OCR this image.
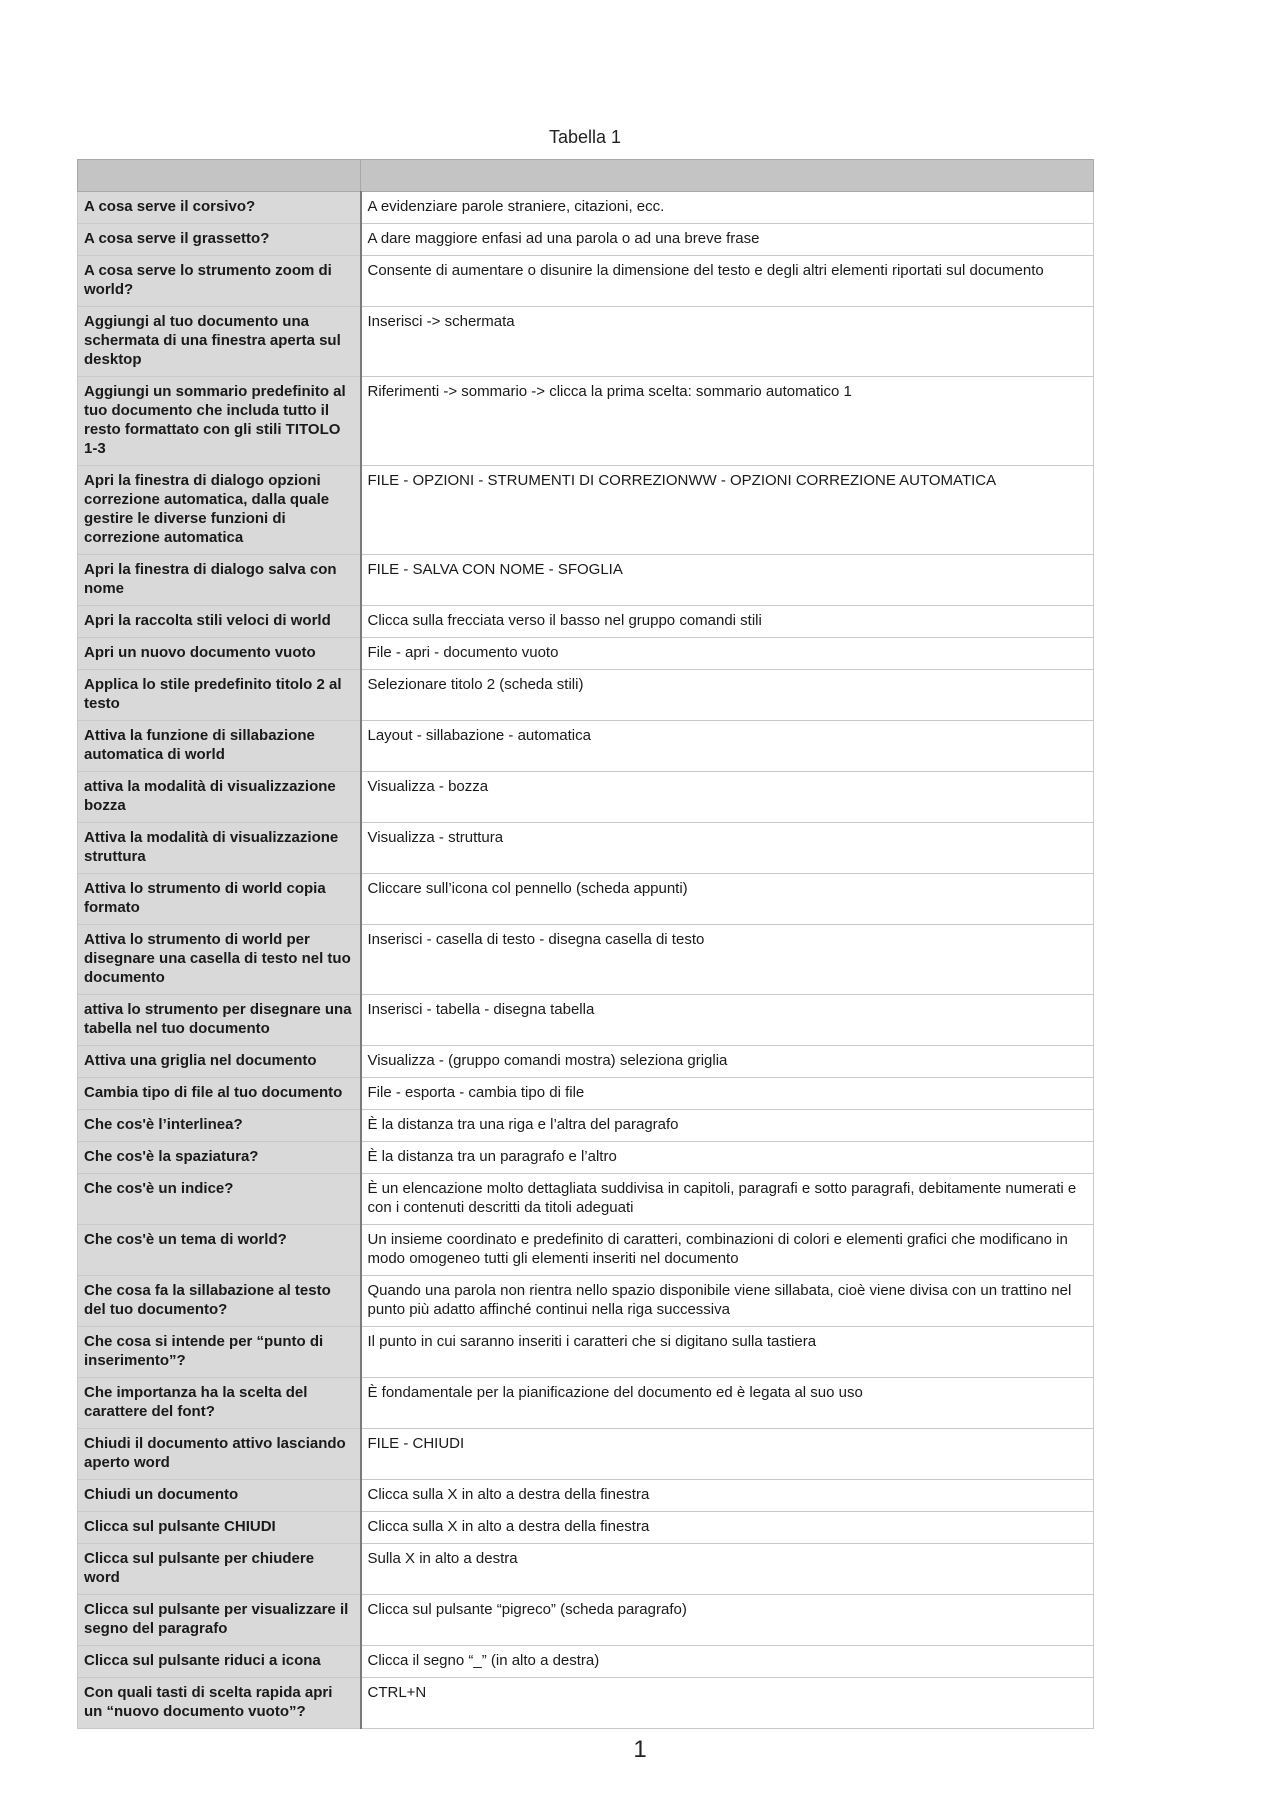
Tabella 1

A cosa serve il corsivo?	A evidenziare parole straniere, citazioni, ecc.
A cosa serve il grassetto?	A dare maggiore enfasi ad una parola o ad una breve frase
A cosa serve lo strumento zoom di world?	Consente di aumentare o disunire la dimensione del testo e degli altri elementi riportati sul documento
Aggiungi al tuo documento una schermata di una finestra aperta sul desktop	Inserisci -> schermata
Aggiungi un sommario predefinito al tuo documento che includa tutto il resto formattato con gli stili TITOLO 1-3	Riferimenti -> sommario -> clicca la prima scelta: sommario automatico 1
Apri la finestra di dialogo opzioni correzione automatica, dalla quale gestire le diverse funzioni di correzione automatica	FILE - OPZIONI - STRUMENTI DI CORREZIONWW - OPZIONI CORREZIONE AUTOMATICA
Apri la finestra di dialogo salva con nome	FILE - SALVA CON NOME - SFOGLIA
Apri la raccolta stili veloci di world	Clicca sulla frecciata verso il basso nel gruppo comandi stili
Apri un nuovo documento vuoto	File - apri - documento vuoto
Applica lo stile predefinito titolo 2 al testo	Selezionare titolo 2 (scheda stili)
Attiva la funzione di sillabazione automatica di world	Layout - sillabazione - automatica
attiva la modalità di visualizzazione bozza	Visualizza - bozza
Attiva la modalità di visualizzazione struttura	Visualizza - struttura
Attiva lo strumento di world copia formato	Cliccare sull’icona col pennello (scheda appunti)
Attiva lo strumento di world per disegnare una casella di testo nel tuo documento	Inserisci - casella di testo - disegna casella di testo
attiva lo strumento per disegnare una tabella nel tuo documento	Inserisci - tabella - disegna tabella
Attiva una griglia nel documento	Visualizza - (gruppo comandi mostra) seleziona griglia
Cambia tipo di file al tuo documento	File - esporta - cambia tipo di file
Che cos'è l’interlinea?	È la distanza tra una riga e l’altra del paragrafo
Che cos'è la spaziatura?	È la distanza tra un paragrafo e l’altro
Che cos'è un indice?	È un elencazione molto dettagliata suddivisa in capitoli, paragrafi e sotto paragrafi, debitamente numerati e con i contenuti descritti da titoli adeguati
Che cos'è un tema di world?	Un insieme coordinato e predefinito di caratteri, combinazioni di colori e elementi grafici che modificano in modo omogeneo tutti gli elementi inseriti nel documento
Che cosa fa la sillabazione al testo del tuo documento?	Quando una parola non rientra nello spazio disponibile viene sillabata, cioè viene divisa con un trattino nel punto più adatto affinché continui nella riga successiva
Che cosa si intende per “punto di inserimento”?	Il punto in cui saranno inseriti i caratteri che si digitano sulla tastiera
Che importanza ha la scelta del carattere del font?	È fondamentale per la pianificazione del documento ed è legata al suo uso
Chiudi il documento attivo lasciando aperto word	FILE - CHIUDI
Chiudi un documento	Clicca sulla X in alto a destra della finestra
Clicca sul pulsante CHIUDI	Clicca sulla X in alto a destra della finestra
Clicca sul pulsante per chiudere word	Sulla X in alto a destra
Clicca sul pulsante per visualizzare il segno del paragrafo	Clicca sul pulsante “pigreco” (scheda paragrafo)
Clicca sul pulsante riduci a icona	Clicca il segno “_” (in alto a destra)
Con quali tasti di scelta rapida apri un “nuovo documento vuoto”?	CTRL+N
1
